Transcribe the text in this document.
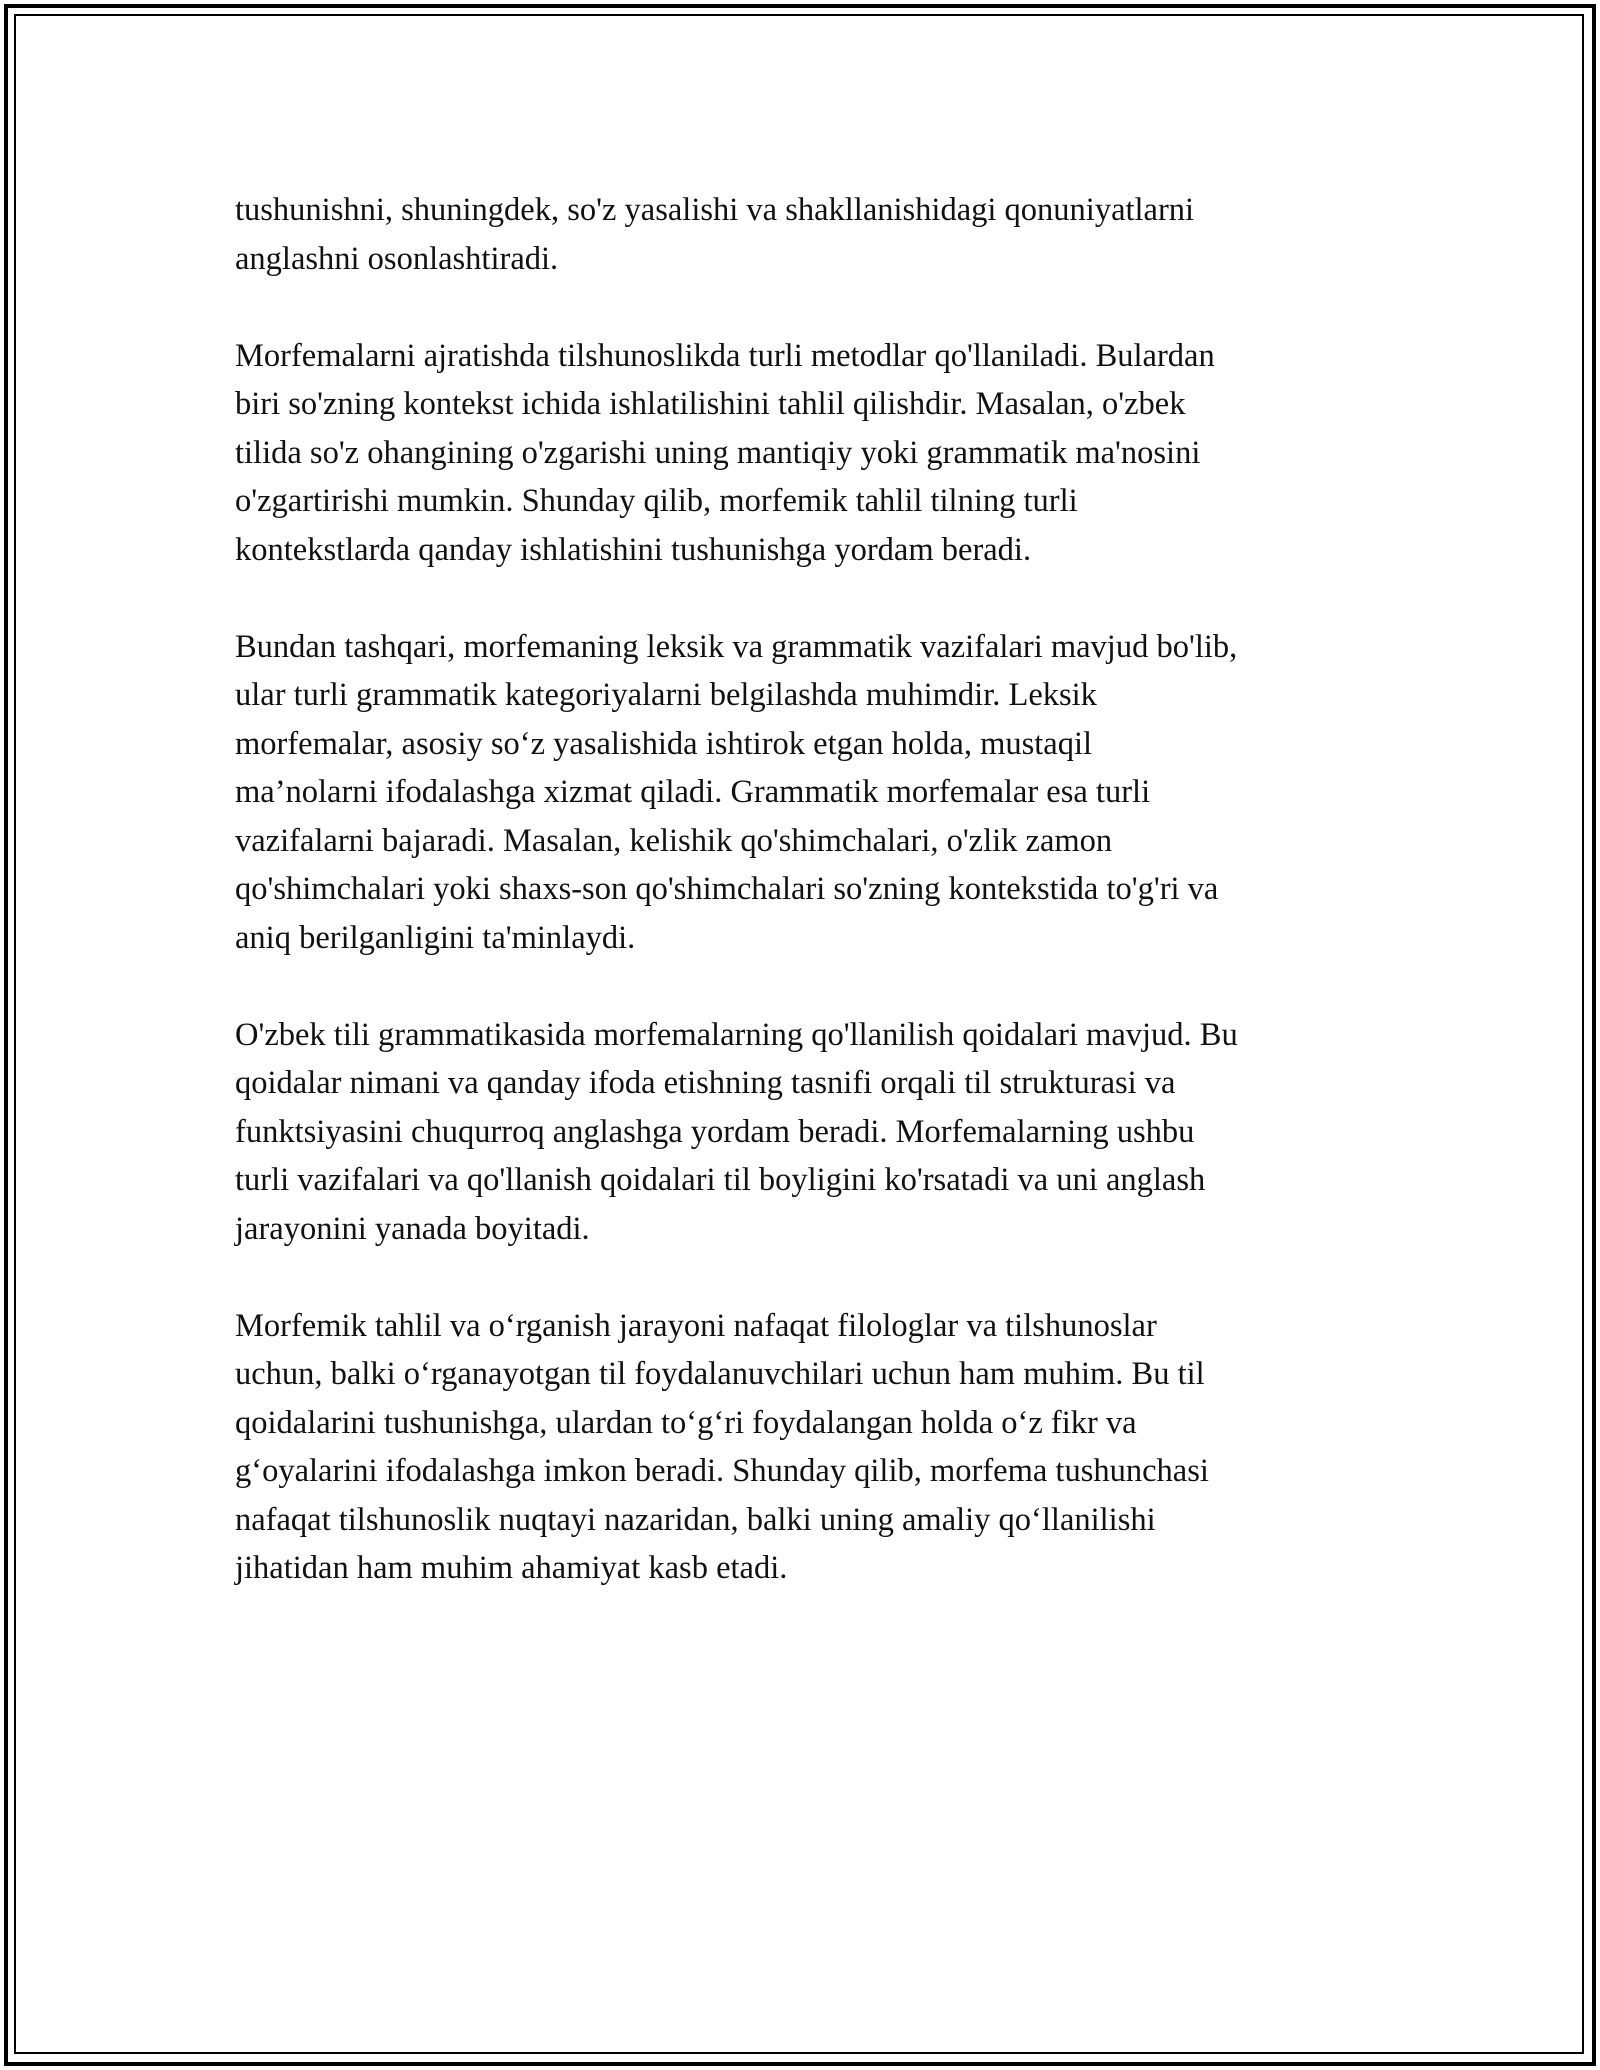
tushunishni, shuningdek, so'z yasalishi va shakllanishidagi qonuniyatlarni
anglashni osonlashtiradi.

Morfemalarni ajratishda tilshunoslikda turli metodlar qo'llaniladi. Bulardan
biri so'zning kontekst ichida ishlatilishini tahlil qilishdir. Masalan, o'zbek
tilida so'z ohangining o'zgarishi uning mantiqiy yoki grammatik ma'nosini
o'zgartirishi mumkin. Shunday qilib, morfemik tahlil tilning turli
kontekstlarda qanday ishlatishini tushunishga yordam beradi.

Bundan tashqari, morfemaning leksik va grammatik vazifalari mavjud bo'lib,
ular turli grammatik kategoriyalarni belgilashda muhimdir. Leksik
morfemalar, asosiy so‘z yasalishida ishtirok etgan holda, mustaqil
ma’nolarni ifodalashga xizmat qiladi. Grammatik morfemalar esa turli
vazifalarni bajaradi. Masalan, kelishik qo'shimchalari, o'zlik zamon
qo'shimchalari yoki shaxs-son qo'shimchalari so'zning kontekstida to'g'ri va
aniq berilganligini ta'minlaydi.

O'zbek tili grammatikasida morfemalarning qo'llanilish qoidalari mavjud. Bu
qoidalar nimani va qanday ifoda etishning tasnifi orqali til strukturasi va
funktsiyasini chuqurroq anglashga yordam beradi. Morfemalarning ushbu
turli vazifalari va qo'llanish qoidalari til boyligini ko'rsatadi va uni anglash
jarayonini yanada boyitadi.

Morfemik tahlil va o‘rganish jarayoni nafaqat filologlar va tilshunoslar
uchun, balki o‘rganayotgan til foydalanuvchilari uchun ham muhim. Bu til
qoidalarini tushunishga, ulardan to‘g‘ri foydalangan holda o‘z fikr va
g‘oyalarini ifodalashga imkon beradi. Shunday qilib, morfema tushunchasi
nafaqat tilshunoslik nuqtayi nazaridan, balki uning amaliy qo‘llanilishi
jihatidan ham muhim ahamiyat kasb etadi.
